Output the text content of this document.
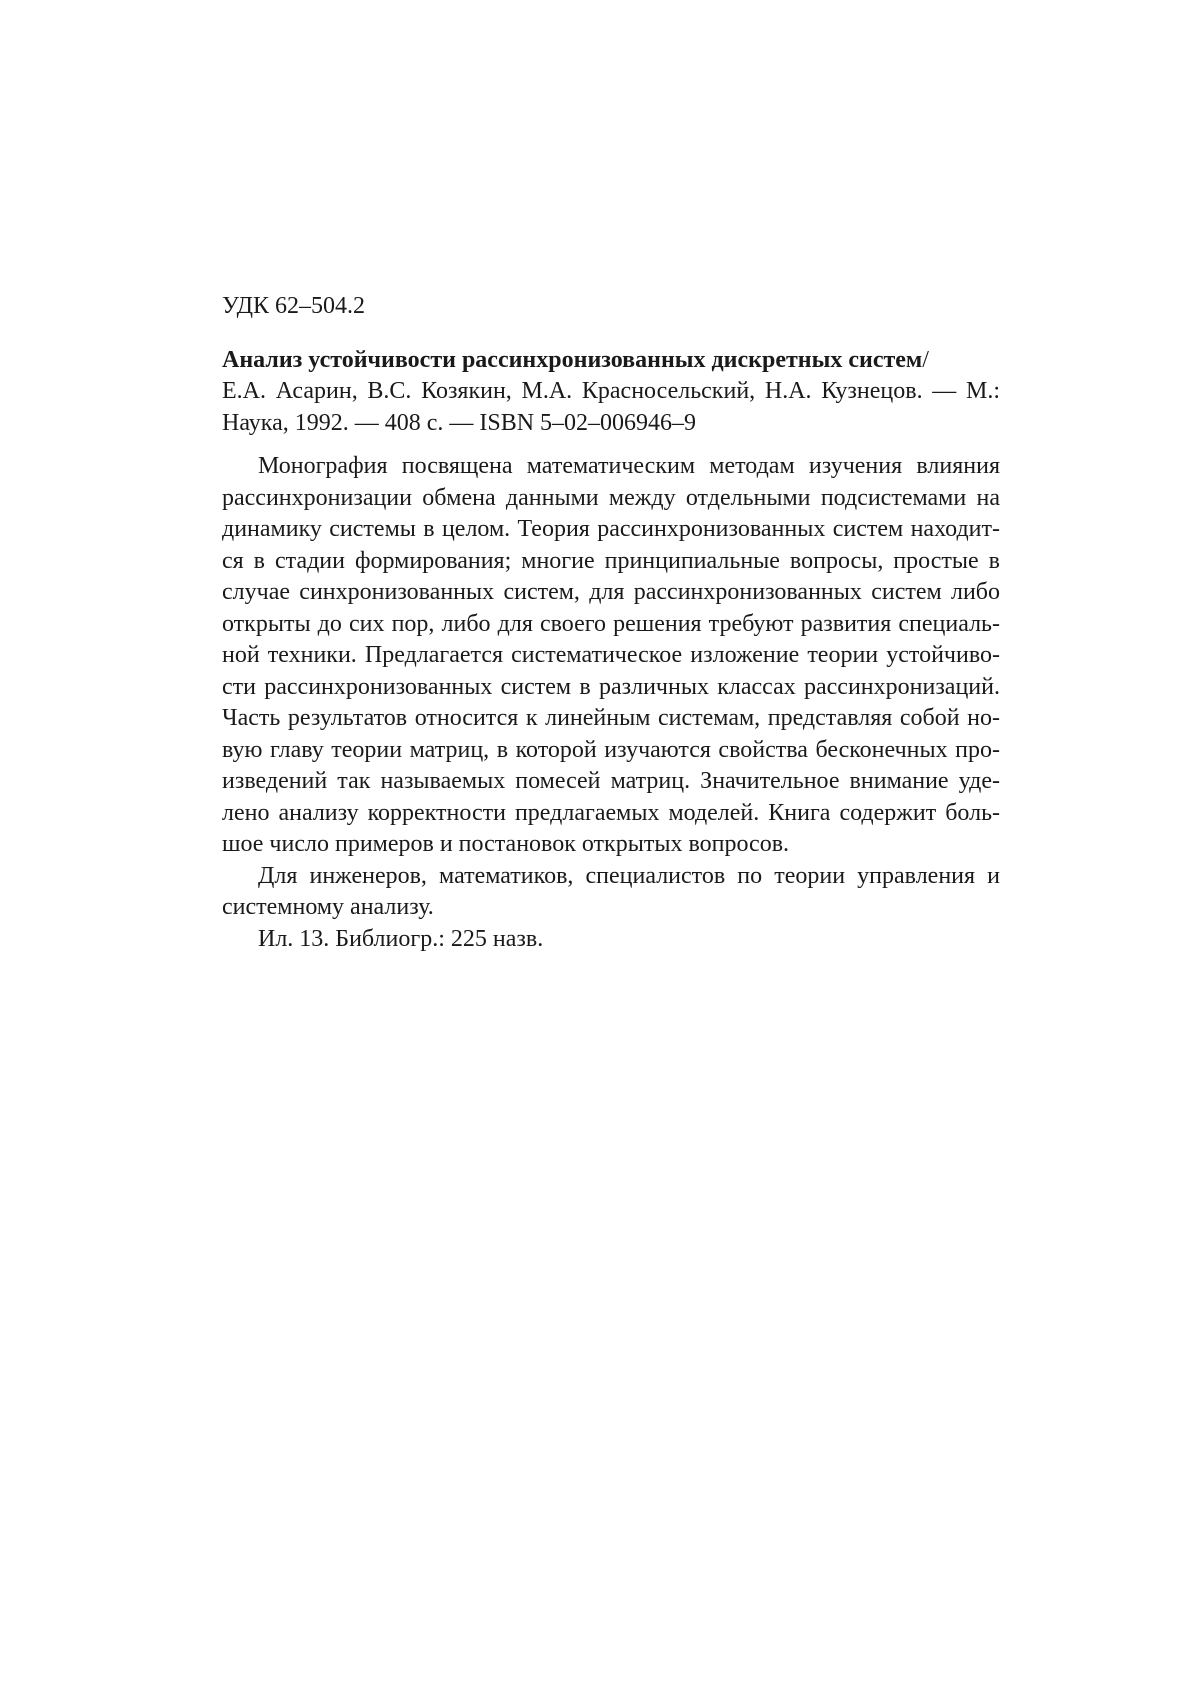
УДК 62–504.2
Анализ устойчивости рассинхронизованных дискретных систем/
Е.А. Асарин, В.С. Козякин, М.А. Красносельский, Н.А. Кузнецов. — М.:
Наука, 1992. — 408 с. — ISBN 5–02–006946–9

Монография посвящена математическим методам изучения влияния
рассинхронизации обмена данными между отдельными подсистемами на
динамику системы в целом. Теория рассинхронизованных систем находит-
ся в стадии формирования; многие принципиальные вопросы, простые в
случае синхронизованных систем, для рассинхронизованных систем либо
открыты до сих пор, либо для своего решения требуют развития специаль-
ной техники. Предлагается систематическое изложение теории устойчиво-
сти рассинхронизованных систем в различных классах рассинхронизаций.
Часть результатов относится к линейным системам, представляя собой но-
вую главу теории матриц, в которой изучаются свойства бесконечных про-
изведений так называемых помесей матриц. Значительное внимание уде-
лено анализу корректности предлагаемых моделей. Книга содержит боль-
шое число примеров и постановок открытых вопросов.

Для инженеров, математиков, специалистов по теории управления и
системному анализу.

Ил. 13. Библиогр.: 225 назв.
